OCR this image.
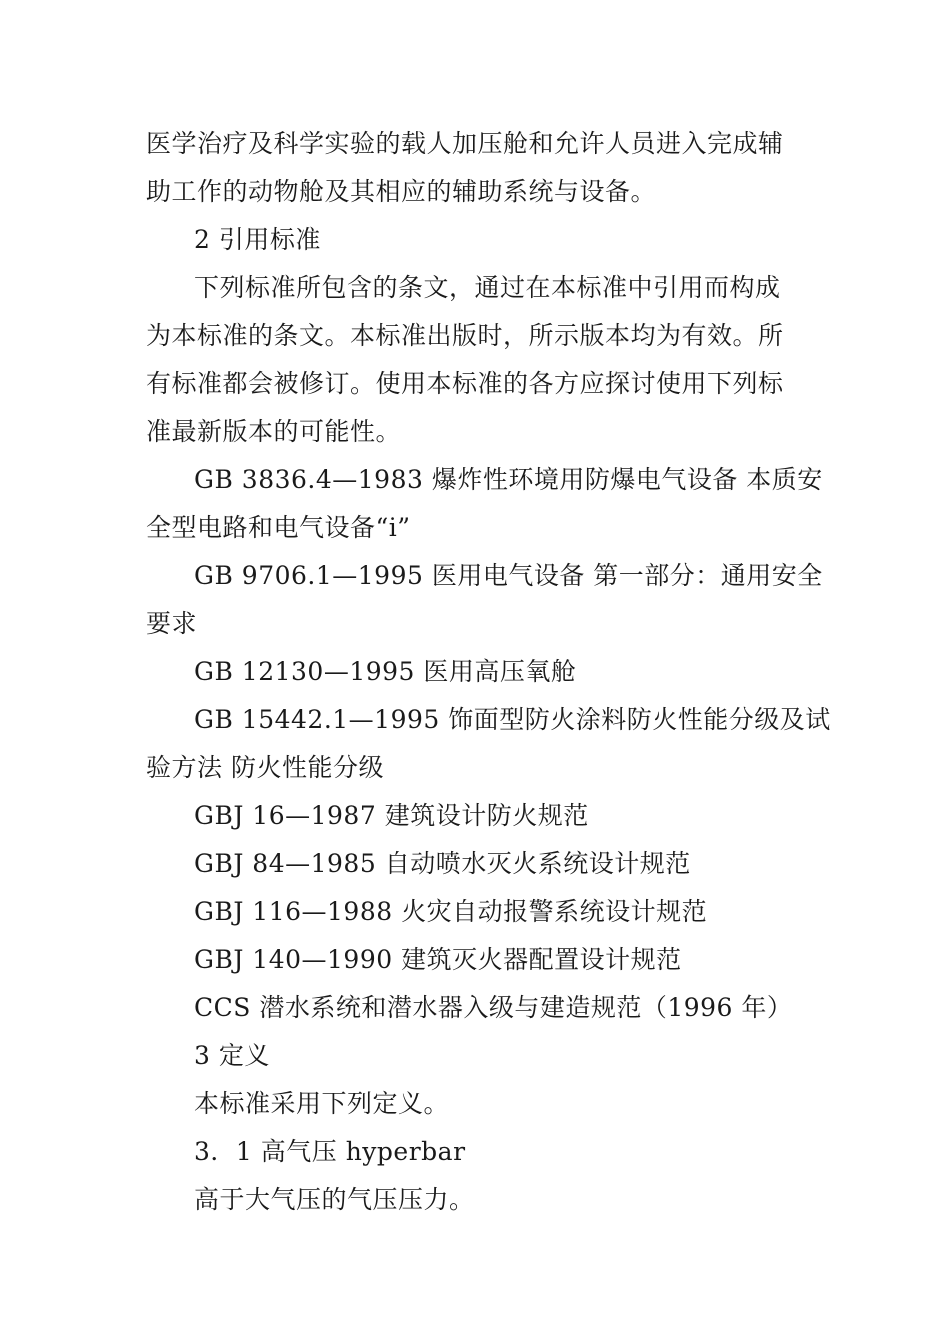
医学治疗及科学实验的载人加压舱和允许人员进入完成辅
助工作的动物舱及其相应的辅助系统与设备。
2 引用标准
下列标准所包含的条文，通过在本标准中引用而构成
为本标准的条文。本标准出版时，所示版本均为有效。所
有标准都会被修订。使用本标准的各方应探讨使用下列标
准最新版本的可能性。
GB 3836.4—1983 爆炸性环境用防爆电气设备 本质安
全型电路和电气设备“i”
GB 9706.1—1995 医用电气设备 第一部分：通用安全
要求
GB 12130—1995 医用高压氧舱
GB 15442.1—1995 饰面型防火涂料防火性能分级及试
验方法 防火性能分级
GBJ 16—1987 建筑设计防火规范
GBJ 84—1985 自动喷水灭火系统设计规范
GBJ 116—1988 火灾自动报警系统设计规范
GBJ 140—1990 建筑灭火器配置设计规范
CCS 潜水系统和潜水器入级与建造规范（1996 年）
3 定义
本标准采用下列定义。
3．1 高气压 hyperbar
高于大气压的气压压力。
